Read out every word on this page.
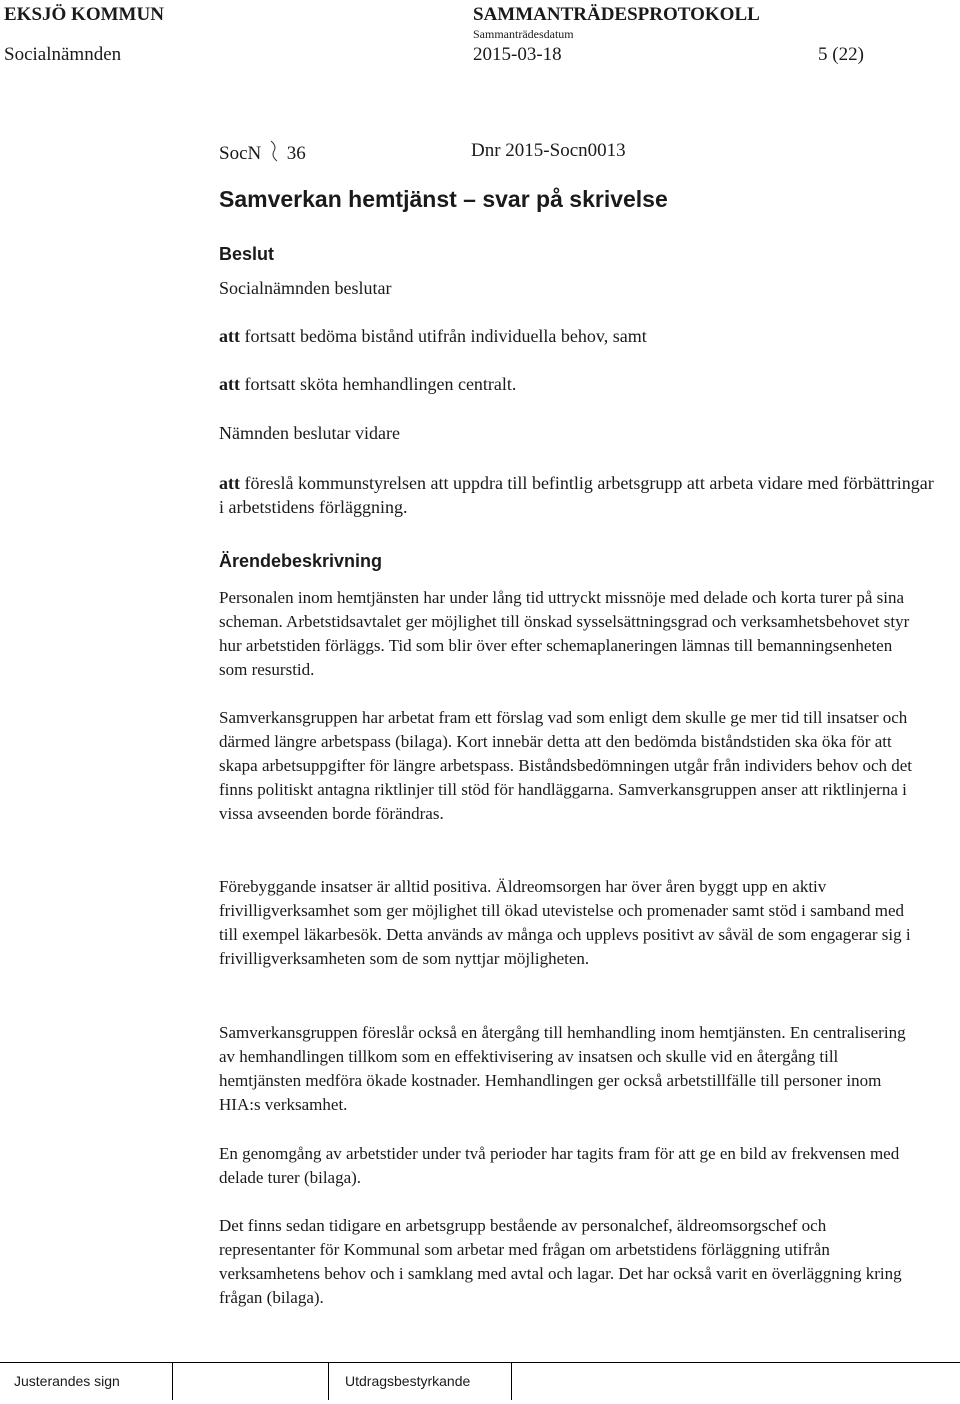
EKSJÖ KOMMUN	SAMMANTRÄDESPROTOKOLL
Sammanträdesdatum
Socialnämnden	2015-03-18	5 (22)
SocN 36	Dnr 2015-Socn0013
Samverkan hemtjänst – svar på skrivelse
Beslut
Socialnämnden beslutar
att fortsatt bedöma bistånd utifrån individuella behov, samt
att fortsatt sköta hemhandlingen centralt.
Nämnden beslutar vidare
att föreslå kommunstyrelsen att uppdra till befintlig arbetsgrupp att arbeta vidare med förbättringar i arbetstidens förläggning.
Ärendebeskrivning
Personalen inom hemtjänsten har under lång tid uttryckt missnöje med delade och korta turer på sina scheman. Arbetstidsavtalet ger möjlighet till önskad sysselsättningsgrad och verksamhetsbehovet styr hur arbetstiden förläggs. Tid som blir över efter schemaplaneringen lämnas till bemanningsenheten som resurstid.
Samverkansgruppen har arbetat fram ett förslag vad som enligt dem skulle ge mer tid till insatser och därmed längre arbetspass (bilaga). Kort innebär detta att den bedömda biståndstiden ska öka för att skapa arbetsuppgifter för längre arbetspass. Biståndsbedömningen utgår från individers behov och det finns politiskt antagna riktlinjer till stöd för handläggarna. Samverkansgruppen anser att riktlinjerna i vissa avseenden borde förändras.
Förebyggande insatser är alltid positiva. Äldreomsorgen har över åren byggt upp en aktiv frivilligverksamhet som ger möjlighet till ökad utevistelse och promenader samt stöd i samband med till exempel läkarbesök. Detta används av många och upplevs positivt av såväl de som engagerar sig i frivilligverksamheten som de som nyttjar möjligheten.
Samverkansgruppen föreslår också en återgång till hemhandling inom hemtjänsten. En centralisering av hemhandlingen tillkom som en effektivisering av insatsen och skulle vid en återgång till hemtjänsten medföra ökade kostnader. Hemhandlingen ger också arbetstillfälle till personer inom HIA:s verksamhet.
En genomgång av arbetstider under två perioder har tagits fram för att ge en bild av frekvensen med delade turer (bilaga).
Det finns sedan tidigare en arbetsgrupp bestående av personalchef, äldreomsorgschef och representanter för Kommunal som arbetar med frågan om arbetstidens förläggning utifrån verksamhetens behov och i samklang med avtal och lagar. Det har också varit en överläggning kring frågan (bilaga).
Justerandes sign	Utdragsbestyrkande
